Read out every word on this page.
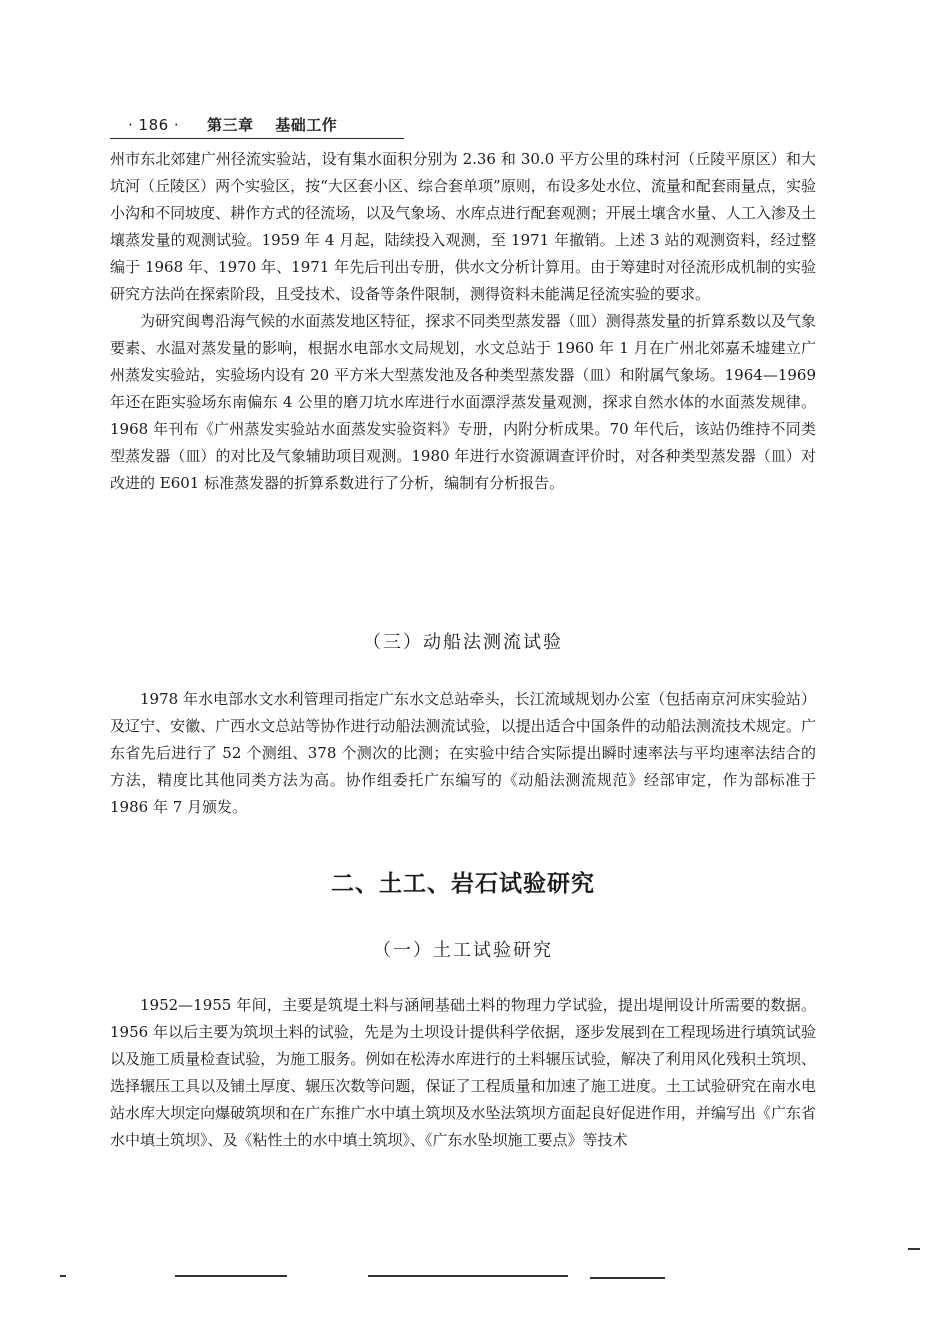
· 186 · 第三章 基础工作

州市东北郊建广州径流实验站，设有集水面积分别为 2.36 和 30.0 平方公里的珠村河（丘陵平原区）和大坑河（丘陵区）两个实验区，按“大区套小区、综合套单项”原则，布设多处水位、流量和配套雨量点，实验小沟和不同坡度、耕作方式的径流场，以及气象场、水库点进行配套观测；开展土壤含水量、人工入渗及土壤蒸发量的观测试验。1959 年 4 月起，陆续投入观测，至 1971 年撤销。上述 3 站的观测资料，经过整编于 1968 年、1970 年、1971 年先后刊出专册，供水文分析计算用。由于筹建时对径流形成机制的实验研究方法尚在探索阶段，且受技术、设备等条件限制，测得资料未能满足径流实验的要求。

为研究闽粤沿海气候的水面蒸发地区特征，探求不同类型蒸发器（皿）测得蒸发量的折算系数以及气象要素、水温对蒸发量的影响，根据水电部水文局规划，水文总站于 1960 年 1 月在广州北郊嘉禾墟建立广州蒸发实验站，实验场内设有 20 平方米大型蒸发池及各种类型蒸发器（皿）和附属气象场。1964—1969 年还在距实验场东南偏东 4 公里的磨刀坑水库进行水面漂浮蒸发量观测，探求自然水体的水面蒸发规律。1968 年刊布《广州蒸发实验站水面蒸发实验资料》专册，内附分析成果。70 年代后，该站仍维持不同类型蒸发器（皿）的对比及气象辅助项目观测。1980 年进行水资源调查评价时，对各种类型蒸发器（皿）对改进的 E601 标准蒸发器的折算系数进行了分析，编制有分析报告。

（三）动船法测流试验

1978 年水电部水文水利管理司指定广东水文总站牵头，长江流域规划办公室（包括南京河床实验站）及辽宁、安徽、广西水文总站等协作进行动船法测流试验，以提出适合中国条件的动船法测流技术规定。广东省先后进行了 52 个测组、378 个测次的比测；在实验中结合实际提出瞬时速率法与平均速率法结合的方法，精度比其他同类方法为高。协作组委托广东编写的《动船法测流规范》经部审定，作为部标准于 1986 年 7 月颁发。

二、土工、岩石试验研究
（一）土工试验研究

1952—1955 年间，主要是筑堤土料与涵闸基础土料的物理力学试验，提出堤闸设计所需要的数据。1956 年以后主要为筑坝土料的试验，先是为土坝设计提供科学依据，逐步发展到在工程现场进行填筑试验以及施工质量检查试验，为施工服务。例如在松涛水库进行的土料辗压试验，解决了利用风化残积土筑坝、选择辗压工具以及铺土厚度、辗压次数等问题，保证了工程质量和加速了施工进度。土工试验研究在南水电站水库大坝定向爆破筑坝和在广东推广水中填土筑坝及水坠法筑坝方面起良好促进作用，并编写出《广东省水中填土筑坝》、及《粘性土的水中填土筑坝》、《广东水坠坝施工要点》等技术
